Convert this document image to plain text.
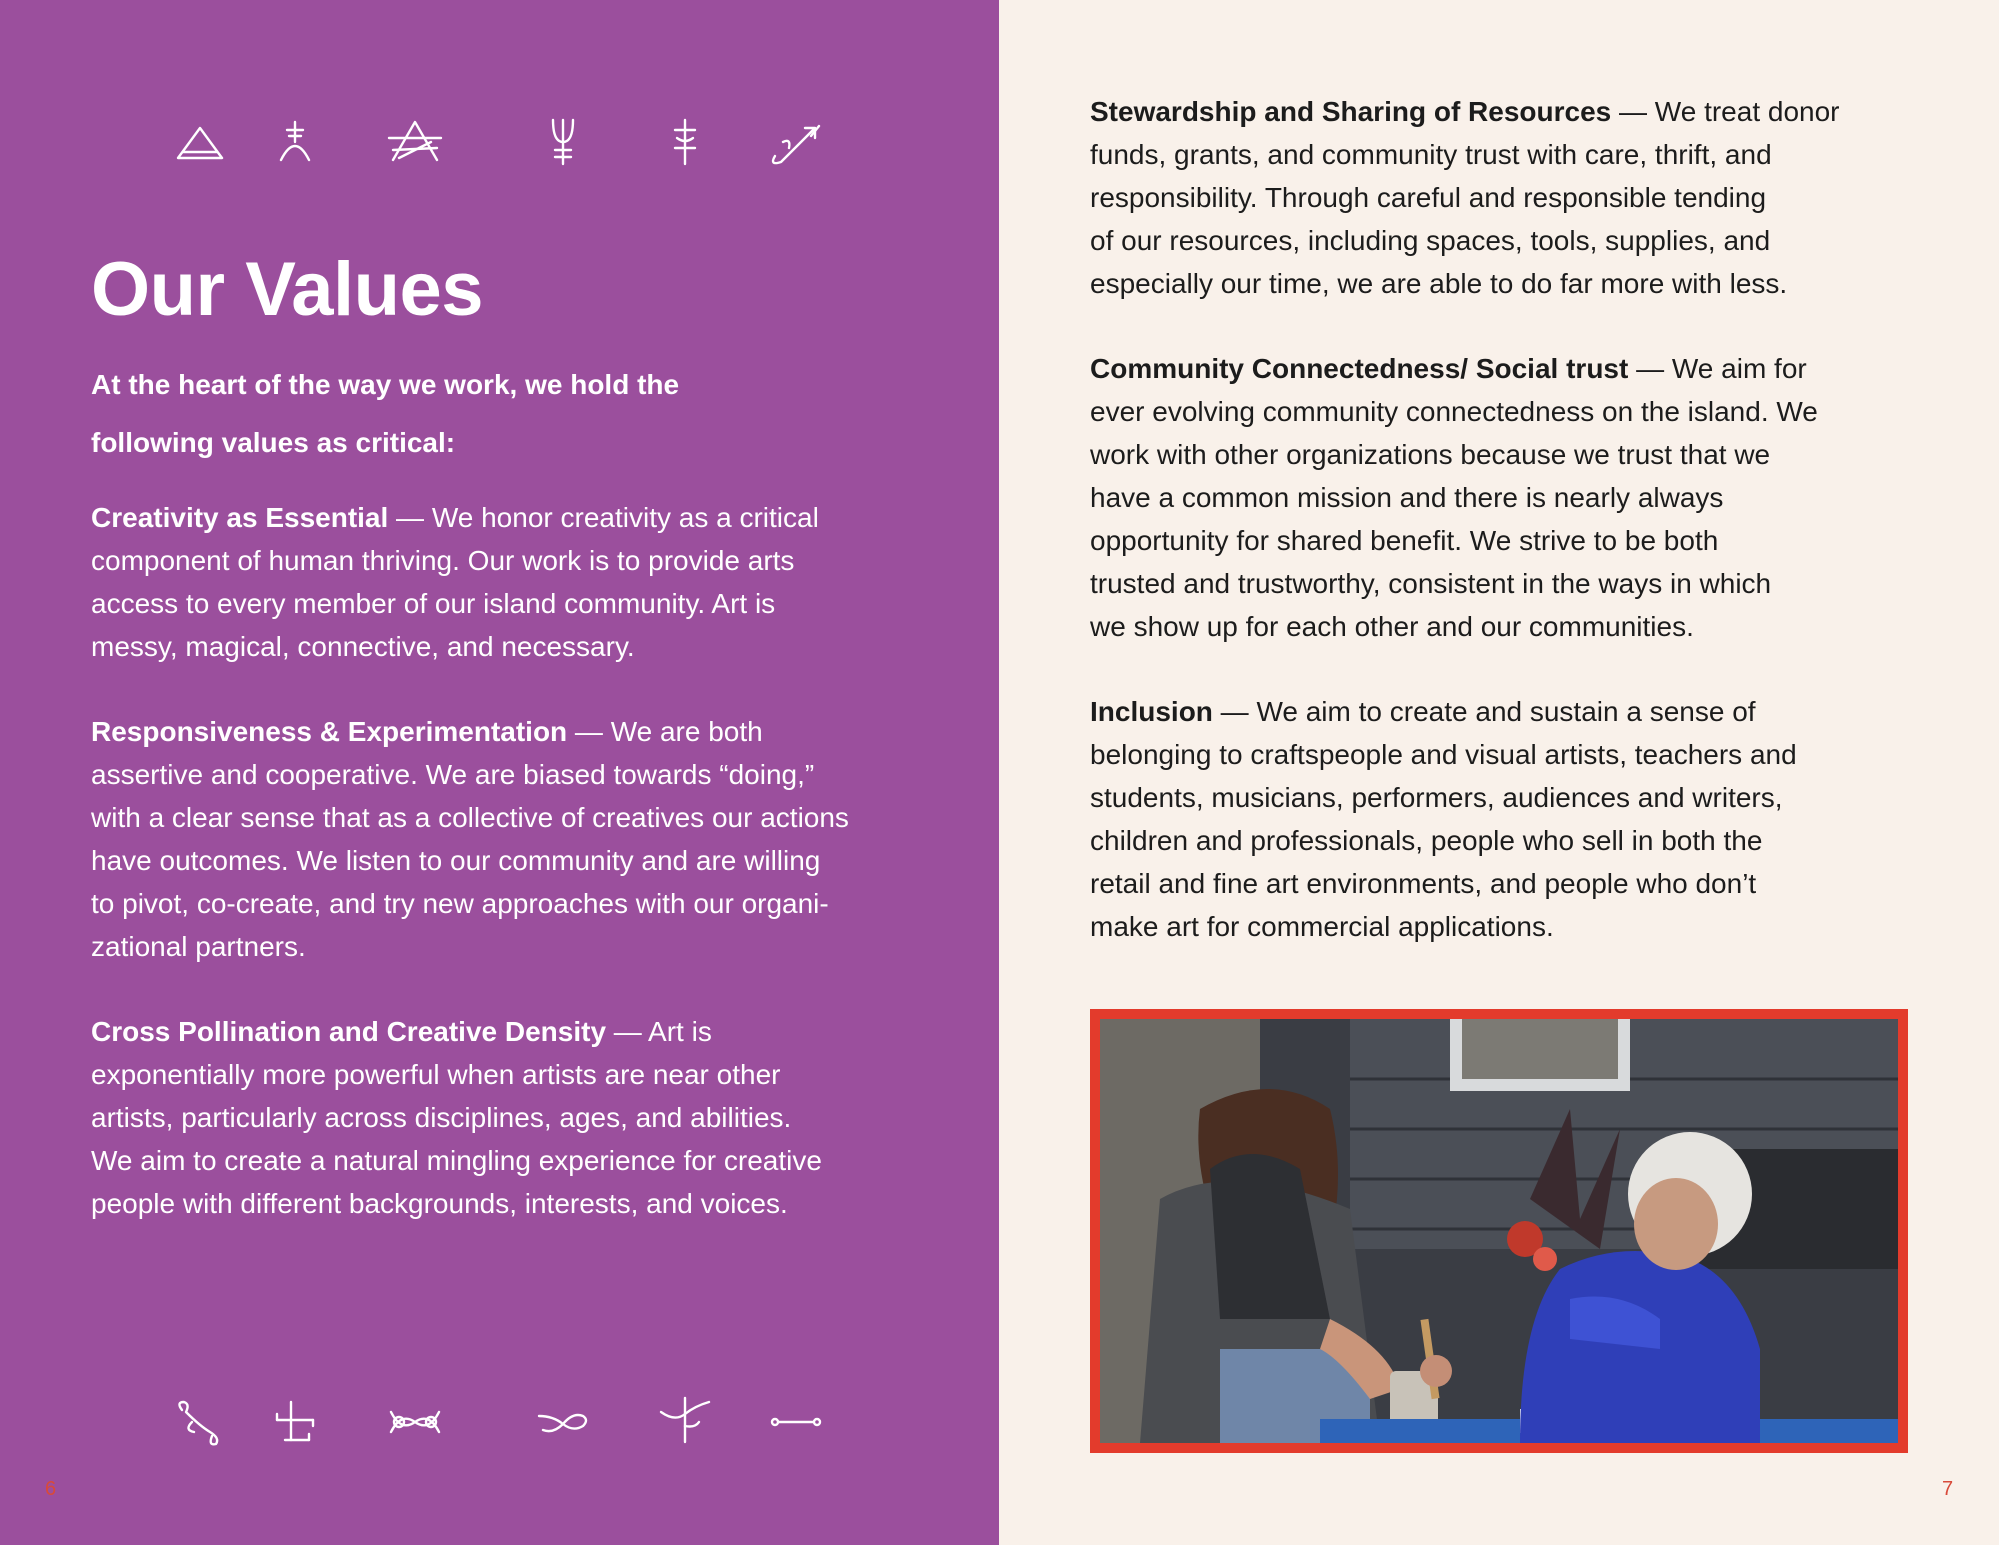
Our Values

At the heart of the way we work, we hold the
following values as critical:

Creativity as Essential — We honor creativity as a critical
component of human thriving. Our work is to provide arts
access to every member of our island community. Art is
messy, magical, connective, and necessary.

Responsiveness & Experimentation — We are both
assertive and cooperative. We are biased towards “doing,”
with a clear sense that as a collective of creatives our actions
have outcomes. We listen to our community and are willing
to pivot, co-create, and try new approaches with our organi-
zational partners.

Cross Pollination and Creative Density — Art is
exponentially more powerful when artists are near other
artists, particularly across disciplines, ages, and abilities.
We aim to create a natural mingling experience for creative
people with different backgrounds, interests, and voices.

6

Stewardship and Sharing of Resources — We treat donor
funds, grants, and community trust with care, thrift, and
responsibility. Through careful and responsible tending
of our resources, including spaces, tools, supplies, and
especially our time, we are able to do far more with less.

Community Connectedness/ Social trust — We aim for
ever evolving community connectedness on the island. We
work with other organizations because we trust that we
have a common mission and there is nearly always
opportunity for shared benefit. We strive to be both
trusted and trustworthy, consistent in the ways in which
we show up for each other and our communities.

Inclusion — We aim to create and sustain a sense of
belonging to craftspeople and visual artists, teachers and
students, musicians, performers, audiences and writers,
children and professionals, people who sell in both the
retail and fine art environments, and people who don’t
make art for commercial applications.

7
